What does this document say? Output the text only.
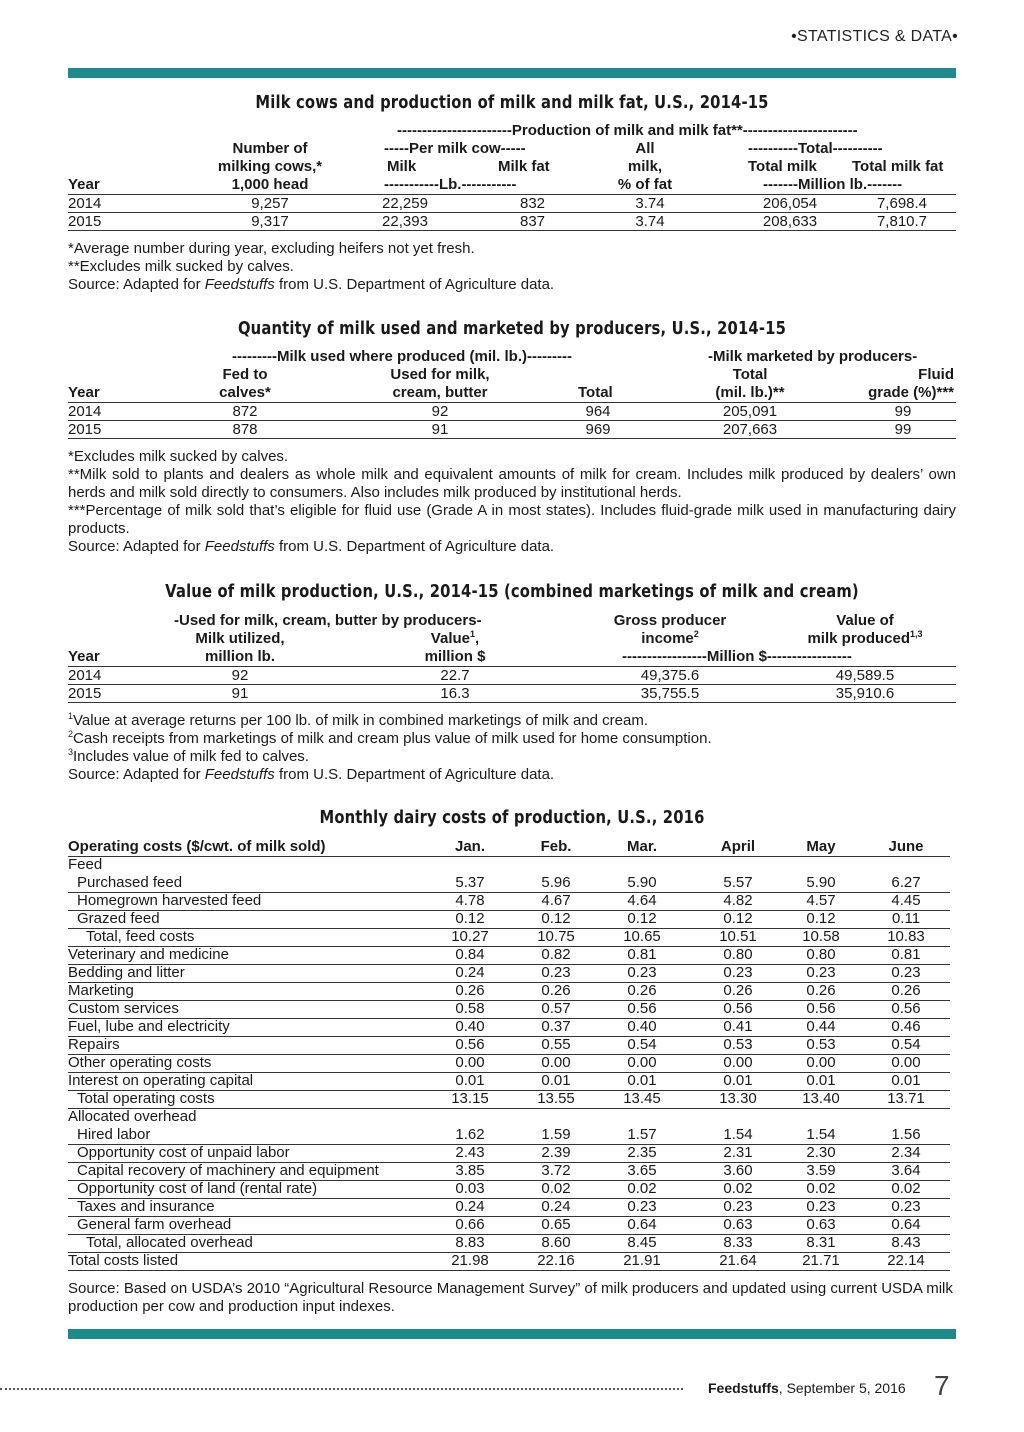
•STATISTICS & DATA•
Milk cows and production of milk and milk fat, U.S., 2014-15
-----------------------Production of milk and milk fat**-----------------------
Number of	-----Per milk cow-----	All	----------Total----------
milking cows,*	Milk	Milk fat	milk,	Total milk Total milk fat
Year	1,000 head	-----------Lb.-----------	% of fat	-------Million lb.-------
2014	9,257	22,259	832	3.74	206,054	7,698.4
2015	9,317	22,393	837	3.74	208,633	7,810.7

*Average number during year, excluding heifers not yet fresh.

**Excludes milk sucked by calves.

Source: Adapted for Feedstuffs from U.S. Department of Agriculture data.

Quantity of milk used and marketed by producers, U.S., 2014-15
---------Milk used where produced (mil. lb.)---------	-Milk marketed by producers-
Fed to	Used for milk,	Total	Fluid
Year	calves*	cream, butter	Total	(mil. lb.)**	grade (%)***
2014	872	92	964	205,091	99
2015	878	91	969	207,663	99

*Excludes milk sucked by calves.

**Milk sold to plants and dealers as whole milk and equivalent amounts of milk for cream. Includes milk produced by dealers’ own herds and milk sold directly to consumers. Also includes milk produced by institutional herds.

***Percentage of milk sold that’s eligible for fluid use (Grade A in most states). Includes fluid-grade milk used in manufacturing dairy products.

Source: Adapted for Feedstuffs from U.S. Department of Agriculture data.

Value of milk production, U.S., 2014-15 (combined marketings of milk and cream)
-Used for milk, cream, butter by producers-	Gross producer	Value of
Milk utilized,	Value$^1$,	income$^2$	milk produced$^{1,3}$
Year	million lb.	million $	-----------------Million $-----------------
2014	92	22.7	49,375.6	49,589.5
2015	91	16.3	35,755.5	35,910.6

$^1$Value at average returns per 100 lb. of milk in combined marketings of milk and cream.

$^2$Cash receipts from marketings of milk and cream plus value of milk used for home consumption.

$^3$Includes value of milk fed to calves.

Source: Adapted for Feedstuffs from U.S. Department of Agriculture data.

Monthly dairy costs of production, U.S., 2016
Operating costs ($/cwt. of milk sold)	Jan.	Feb.	Mar.	April	May	June
Feed
Purchased feed	5.37	5.96	5.90	5.57	5.90	6.27
Homegrown harvested feed	4.78	4.67	4.64	4.82	4.57	4.45
Grazed feed	0.12	0.12	0.12	0.12	0.12	0.11
Total, feed costs	10.27	10.75	10.65	10.51	10.58	10.83
Veterinary and medicine	0.84	0.82	0.81	0.80	0.80	0.81
Bedding and litter	0.24	0.23	0.23	0.23	0.23	0.23
Marketing	0.26	0.26	0.26	0.26	0.26	0.26
Custom services	0.58	0.57	0.56	0.56	0.56	0.56
Fuel, lube and electricity	0.40	0.37	0.40	0.41	0.44	0.46
Repairs	0.56	0.55	0.54	0.53	0.53	0.54
Other operating costs	0.00	0.00	0.00	0.00	0.00	0.00
Interest on operating capital	0.01	0.01	0.01	0.01	0.01	0.01
Total operating costs	13.15	13.55	13.45	13.30	13.40	13.71
Allocated overhead
Hired labor	1.62	1.59	1.57	1.54	1.54	1.56
Opportunity cost of unpaid labor	2.43	2.39	2.35	2.31	2.30	2.34
Capital recovery of machinery and equipment	3.85	3.72	3.65	3.60	3.59	3.64
Opportunity cost of land (rental rate)	0.03	0.02	0.02	0.02	0.02	0.02
Taxes and insurance	0.24	0.24	0.23	0.23	0.23	0.23
General farm overhead	0.66	0.65	0.64	0.63	0.63	0.64
Total, allocated overhead	8.83	8.60	8.45	8.33	8.31	8.43
Total costs listed	21.98	22.16	21.91	21.64	21.71	22.14
Source: Based on USDA’s 2010 “Agricultural Resource Management Survey” of milk producers and updated using current USDA milk production per cow and production input indexes.
Feedstuffs, September 5, 2016 7
